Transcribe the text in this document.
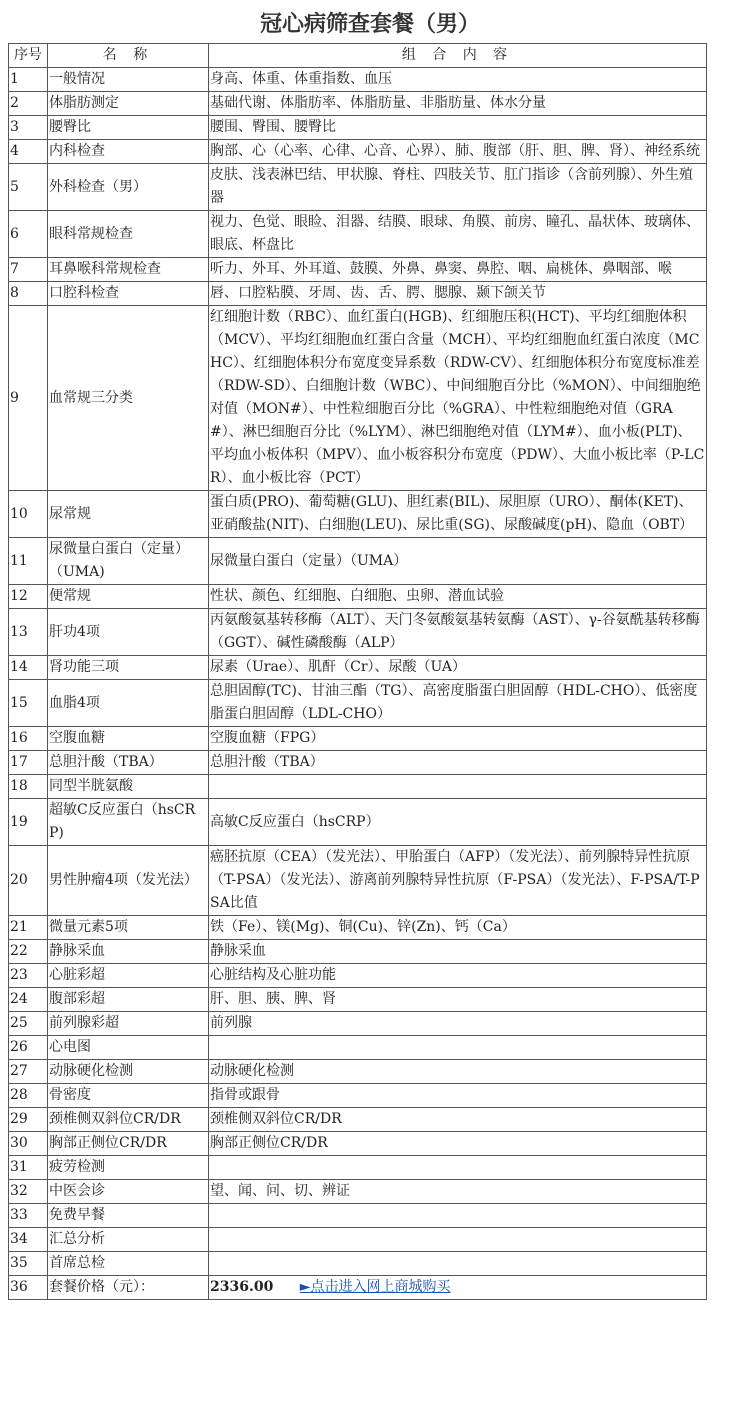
冠心病筛查套餐（男）
序号	名 称	组 合 内 容
1	一般情况	身高、体重、体重指数、血压
2	体脂肪测定	基础代谢、体脂肪率、体脂肪量、非脂肪量、体水分量
3	腰臀比	腰围、臀围、腰臀比
4	内科检查	胸部、心（心率、心律、心音、心界）、肺、腹部（肝、胆、脾、肾）、神经系统
5	外科检查（男）	皮肤、浅表淋巴结、甲状腺、脊柱、四肢关节、肛门指诊（含前列腺）、外生殖器
6	眼科常规检查	视力、色觉、眼睑、泪器、结膜、眼球、角膜、前房、瞳孔、晶状体、玻璃体、眼底、杯盘比
7	耳鼻喉科常规检查	听力、外耳、外耳道、鼓膜、外鼻、鼻窦、鼻腔、咽、扁桃体、鼻咽部、喉
8	口腔科检查	唇、口腔粘膜、牙周、齿、舌、腭、腮腺、颞下颌关节
9	血常规三分类	红细胞计数（RBC）、血红蛋白(HGB)、红细胞压积(HCT)、平均红细胞体积（MCV）、平均红细胞血红蛋白含量（MCH）、平均红细胞血红蛋白浓度（MCHC）、红细胞体积分布宽度变异系数（RDW-CV）、红细胞体积分布宽度标准差（RDW-SD）、白细胞计数（WBC）、中间细胞百分比（%MON）、中间细胞绝对值（MON#）、中性粒细胞百分比（%GRA）、中性粒细胞绝对值（GRA#）、淋巴细胞百分比（%LYM）、淋巴细胞绝对值（LYM#）、血小板(PLT)、平均血小板体积（MPV）、血小板容积分布宽度（PDW）、大血小板比率（P-LCR）、血小板比容（PCT）
10	尿常规	蛋白质(PRO)、葡萄糖(GLU)、胆红素(BIL)、尿胆原（URO）、酮体(KET)、亚硝酸盐(NIT)、白细胞(LEU)、尿比重(SG)、尿酸碱度(pH)、隐血（OBT）
11	尿微量白蛋白（定量）（UMA)	尿微量白蛋白（定量）（UMA）
12	便常规	性状、颜色、红细胞、白细胞、虫卵、潜血试验
13	肝功4项	丙氨酸氨基转移酶（ALT）、天门冬氨酸氨基转氨酶（AST）、γ-谷氨酰基转移酶（GGT）、碱性磷酸酶（ALP）
14	肾功能三项	尿素（Urae）、肌酐（Cr）、尿酸（UA）
15	血脂4项	总胆固醇(TC)、甘油三酯（TG）、高密度脂蛋白胆固醇（HDL-CHO）、低密度脂蛋白胆固醇（LDL-CHO）
16	空腹血糖	空腹血糖（FPG）
17	总胆汁酸（TBA）	总胆汁酸（TBA）
18	同型半胱氨酸	
19	超敏C反应蛋白（hsCRP)	高敏C反应蛋白（hsCRP）
20	男性肿瘤4项（发光法）	癌胚抗原（CEA）（发光法）、甲胎蛋白（AFP）（发光法）、前列腺特异性抗原（T-PSA）（发光法）、游离前列腺特异性抗原（F-PSA）（发光法）、F-PSA/T-PSA比值
21	微量元素5项	铁（Fe）、镁(Mg)、铜(Cu)、锌(Zn)、钙（Ca）
22	静脉采血	静脉采血
23	心脏彩超	心脏结构及心脏功能
24	腹部彩超	肝、胆、胰、脾、肾
25	前列腺彩超	前列腺
26	心电图	
27	动脉硬化检测	动脉硬化检测
28	骨密度	指骨或跟骨
29	颈椎侧双斜位CR/DR	颈椎侧双斜位CR/DR
30	胸部正侧位CR/DR	胸部正侧位CR/DR
31	疲劳检测	
32	中医会诊	望、闻、问、切、辨证
33	免费早餐	
34	汇总分析	
35	首席总检	
36	套餐价格（元）：	2336.00 ►点击进入网上商城购买
